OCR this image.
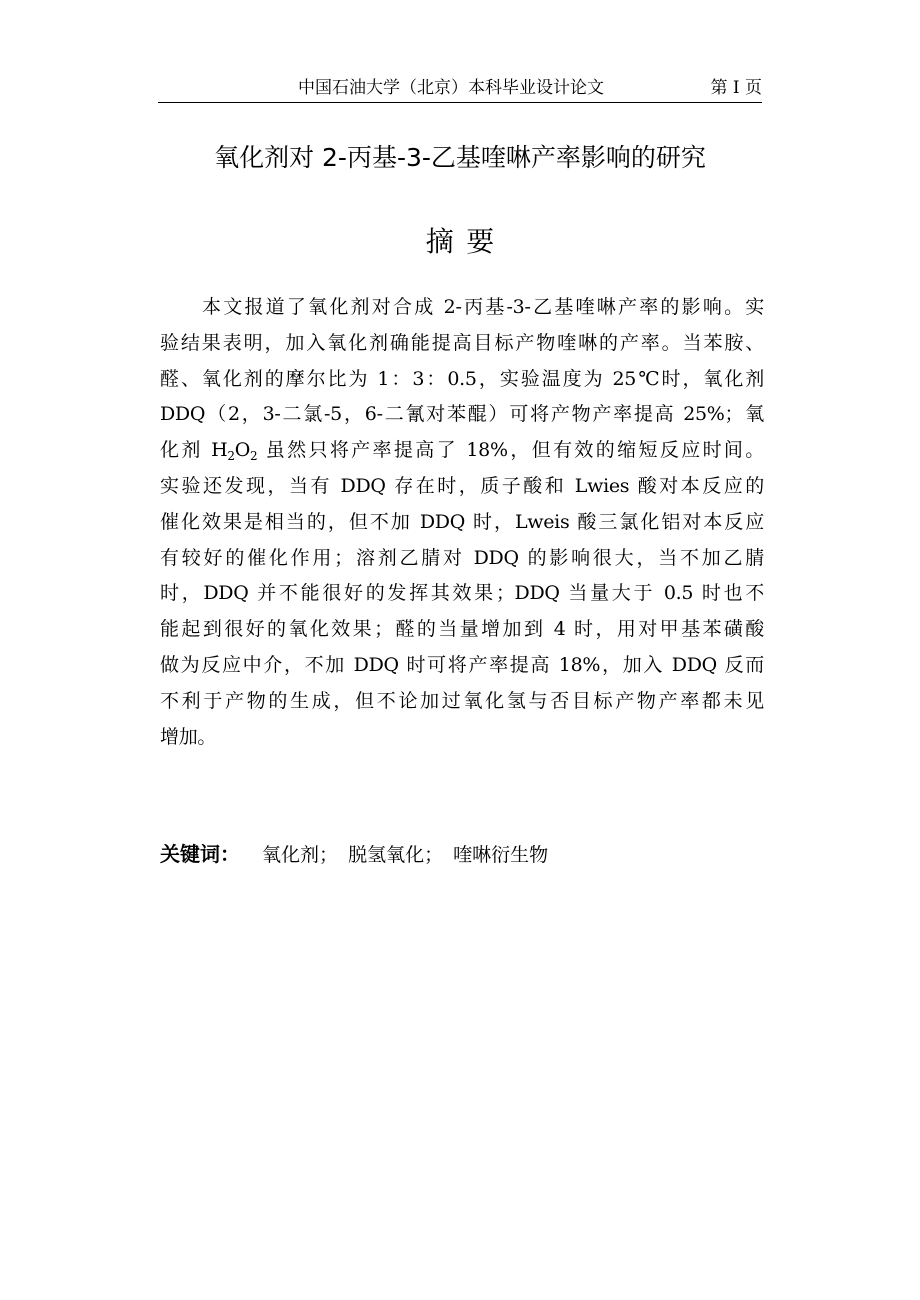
中国石油大学（北京）本科毕业设计论文	第 I 页
氧化剂对 2-丙基-3-乙基喹啉产率影响的研究
摘要
本文报道了氧化剂对合成 2-丙基-3-乙基喹啉产率的影响。实
验结果表明，加入氧化剂确能提高目标产物喹啉的产率。当苯胺、
醛、氧化剂的摩尔比为 1：3：0.5，实验温度为 25℃时，氧化剂
DDQ（2，3-二氯-5，6-二氰对苯醌）可将产物产率提高 25%；氧
化剂 $H_2O_2$ 虽然只将产率提高了 18%，但有效的缩短反应时间。
实验还发现，当有 DDQ 存在时，质子酸和 Lwies 酸对本反应的
催化效果是相当的，但不加 DDQ 时，Lweis 酸三氯化铝对本反应
有较好的催化作用；溶剂乙腈对 DDQ 的影响很大，当不加乙腈
时，DDQ 并不能很好的发挥其效果；DDQ 当量大于 0.5 时也不
能起到很好的氧化效果；醛的当量增加到 4 时，用对甲基苯磺酸
做为反应中介，不加 DDQ 时可将产率提高 18%，加入 DDQ 反而
不利于产物的生成，但不论加过氧化氢与否目标产物产率都未见
增加。
关键词： 氧化剂； 脱氢氧化； 喹啉衍生物
